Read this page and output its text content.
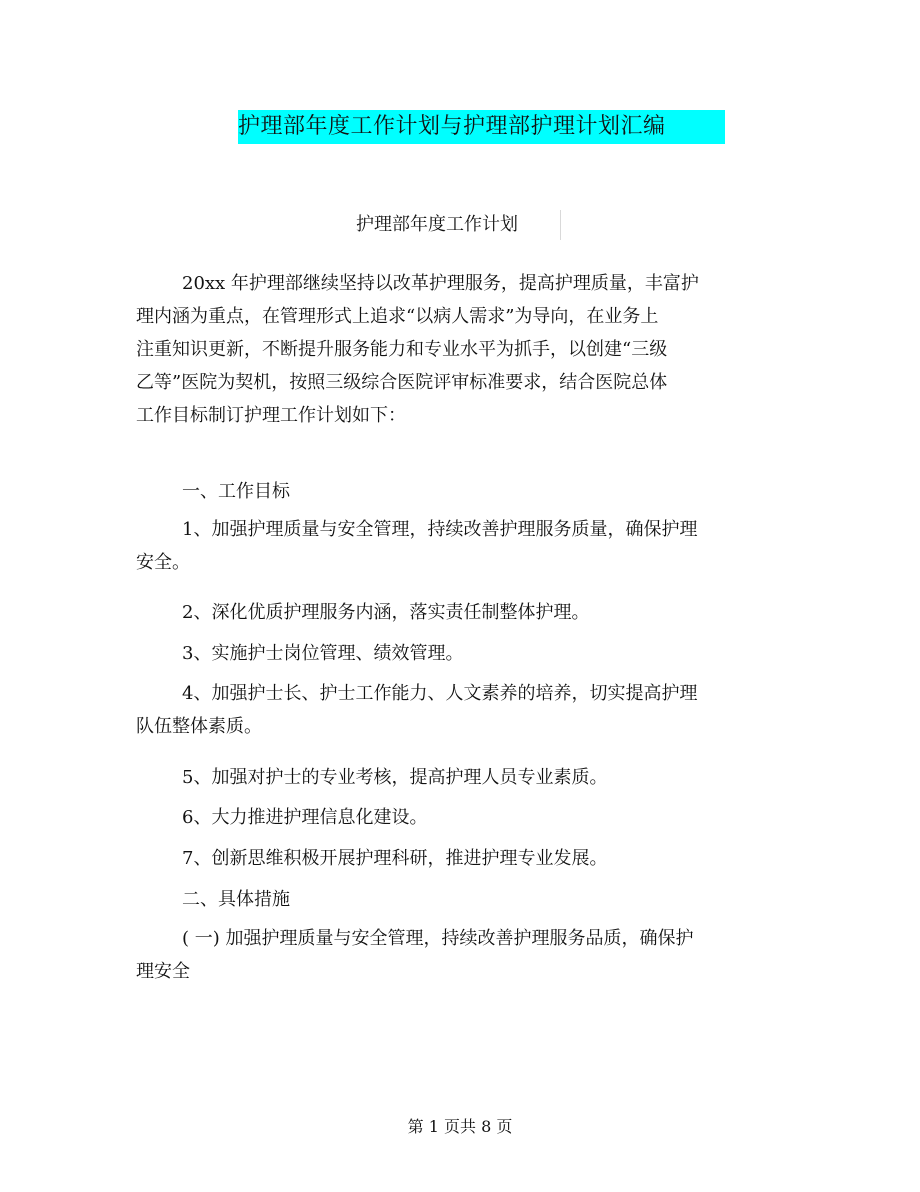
护理部年度工作计划与护理部护理计划汇编
护理部年度工作计划
20xx 年护理部继续坚持以改革护理服务，提高护理质量，丰富护
理内涵为重点，在管理形式上追求“以病人需求”为导向，在业务上
注重知识更新，不断提升服务能力和专业水平为抓手，以创建“三级
乙等”医院为契机，按照三级综合医院评审标准要求，结合医院总体
工作目标制订护理工作计划如下：
一、工作目标
1、加强护理质量与安全管理，持续改善护理服务质量，确保护理
安全。
2、深化优质护理服务内涵，落实责任制整体护理。
3、实施护士岗位管理、绩效管理。
4、加强护士长、护士工作能力、人文素养的培养，切实提高护理
队伍整体素质。
5、加强对护士的专业考核，提高护理人员专业素质。
6、大力推进护理信息化建设。
7、创新思维积极开展护理科研，推进护理专业发展。
二、具体措施
( 一) 加强护理质量与安全管理，持续改善护理服务品质，确保护
理安全
第 1 页共 8 页
